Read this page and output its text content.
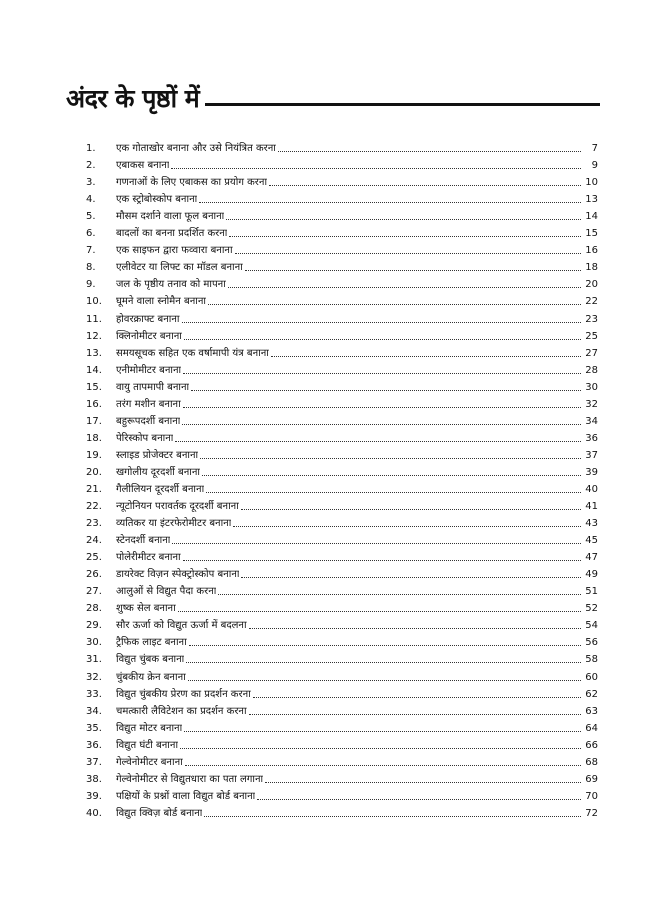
अंदर के पृष्ठों में
1.	एक गोताखोर बनाना और उसे नियंत्रित करना	7
2.	एबाकस बनाना	9
3.	गणनाओं के लिए एबाकस का प्रयोग करना	10
4.	एक स्ट्रोबोस्कोप बनाना	13
5.	मौसम दर्शाने वाला फूल बनाना	14
6.	बादलों का बनना प्रदर्शित करना	15
7.	एक साइफन द्वारा फव्वारा बनाना	16
8.	एलीवेटर या लिफ्ट का मॉडल बनाना	18
9.	जल के पृष्ठीय तनाव को मापना	20
10.	घूमने वाला स्नोमैन बनाना	22
11.	होवरक्राफ्ट बनाना	23
12.	क्लिनोमीटर बनाना	25
13.	समयसूचक सहित एक वर्षामापी यंत्र बनाना	27
14.	एनीमोमीटर बनाना	28
15.	वायु तापमापी बनाना	30
16.	तरंग मशीन बनाना	32
17.	बहुरूपदर्शी बनाना	34
18.	पेरिस्कोप बनाना	36
19.	स्लाइड प्रोजेक्टर बनाना	37
20.	खगोलीय दूरदर्शी बनाना	39
21.	गैलीलियन दूरदर्शी बनाना	40
22.	न्यूटोनियन परावर्तक दूरदर्शी बनाना	41
23.	व्यतिकर या इंटरफेरोमीटर बनाना	43
24.	स्टेनदर्शी बनाना	45
25.	पोलेरीमीटर बनाना	47
26.	डायरेक्ट विज़न स्पेक्ट्रोस्कोप बनाना	49
27.	आलुओं से विद्युत पैदा करना	51
28.	शुष्क सेल बनाना	52
29.	सौर ऊर्जा को विद्युत ऊर्जा में बदलना	54
30.	ट्रैफिक लाइट बनाना	56
31.	विद्युत चुंबक बनाना	58
32.	चुंबकीय क्रेन बनाना	60
33.	विद्युत चुंबकीय प्रेरण का प्रदर्शन करना	62
34.	चमत्कारी लैविटेशन का प्रदर्शन करना	63
35.	विद्युत मोटर बनाना	64
36.	विद्युत घंटी बनाना	66
37.	गेल्वेनोमीटर बनाना	68
38.	गेल्वेनोमीटर से विद्युतधारा का पता लगाना	69
39.	पक्षियों के प्रश्नों वाला विद्युत बोर्ड बनाना	70
40.	विद्युत क्विज़ बोर्ड बनाना	72
